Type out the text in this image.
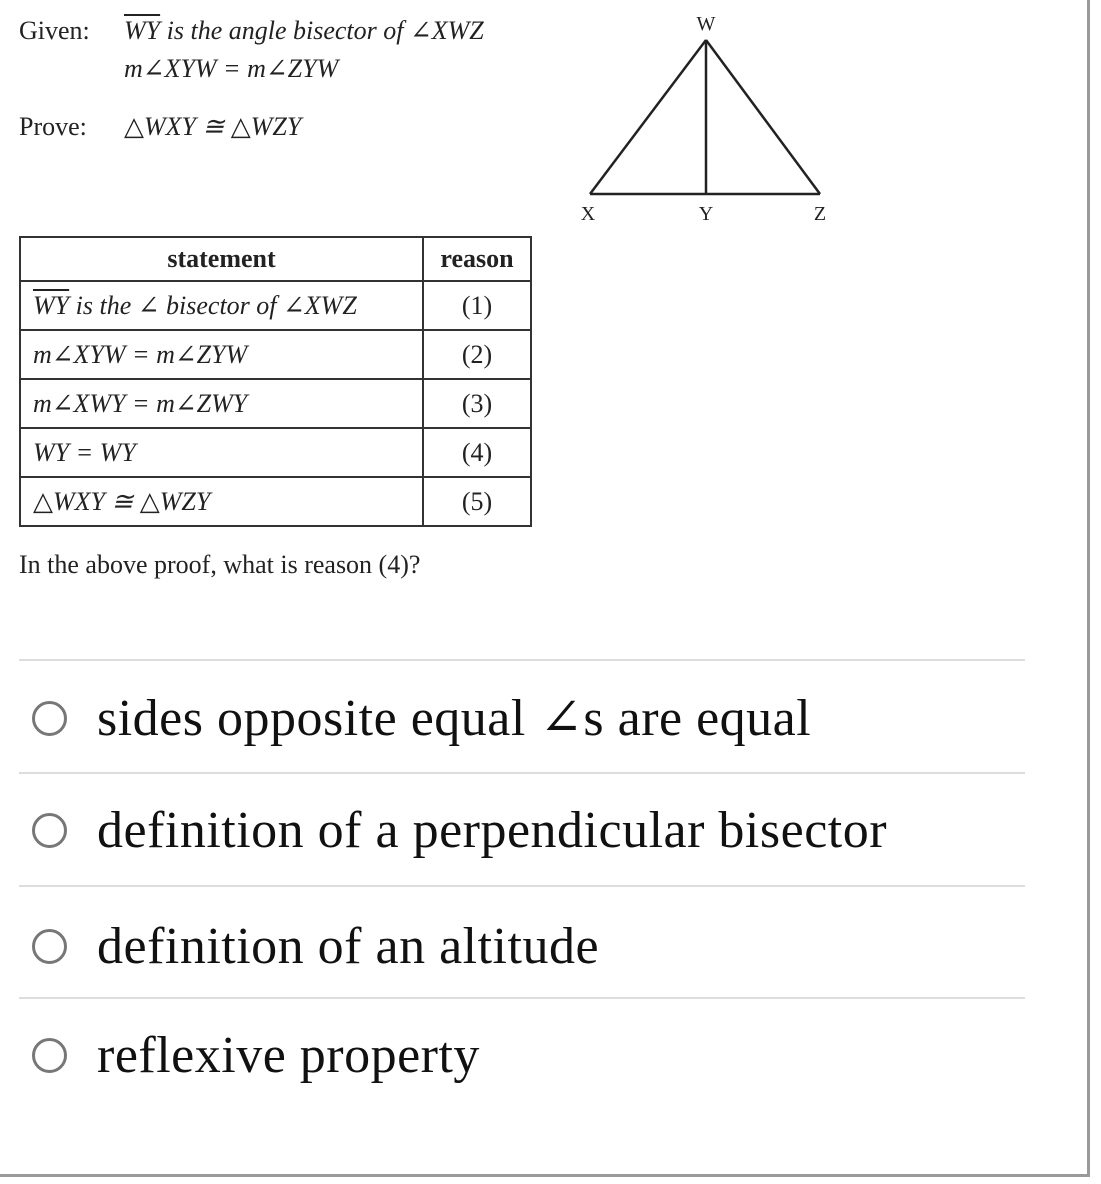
Given: $\overline{WY}$ is the angle bisector of ∠XWZ
m∠XYW = m∠ZYW
Prove: △WXY ≅ △WZY
W
X	Y	Z
statement	reason
$\overline{WY}$ is the ∠ bisector of ∠XWZ	(1)
m∠XYW = m∠ZYW	(2)
m∠XWY = m∠ZWY	(3)
WY = WY	(4)
△WXY ≅ △WZY	(5)
In the above proof, what is reason (4)?
sides opposite equal ∠s are equal
definition of a perpendicular bisector
definition of an altitude
reflexive property
